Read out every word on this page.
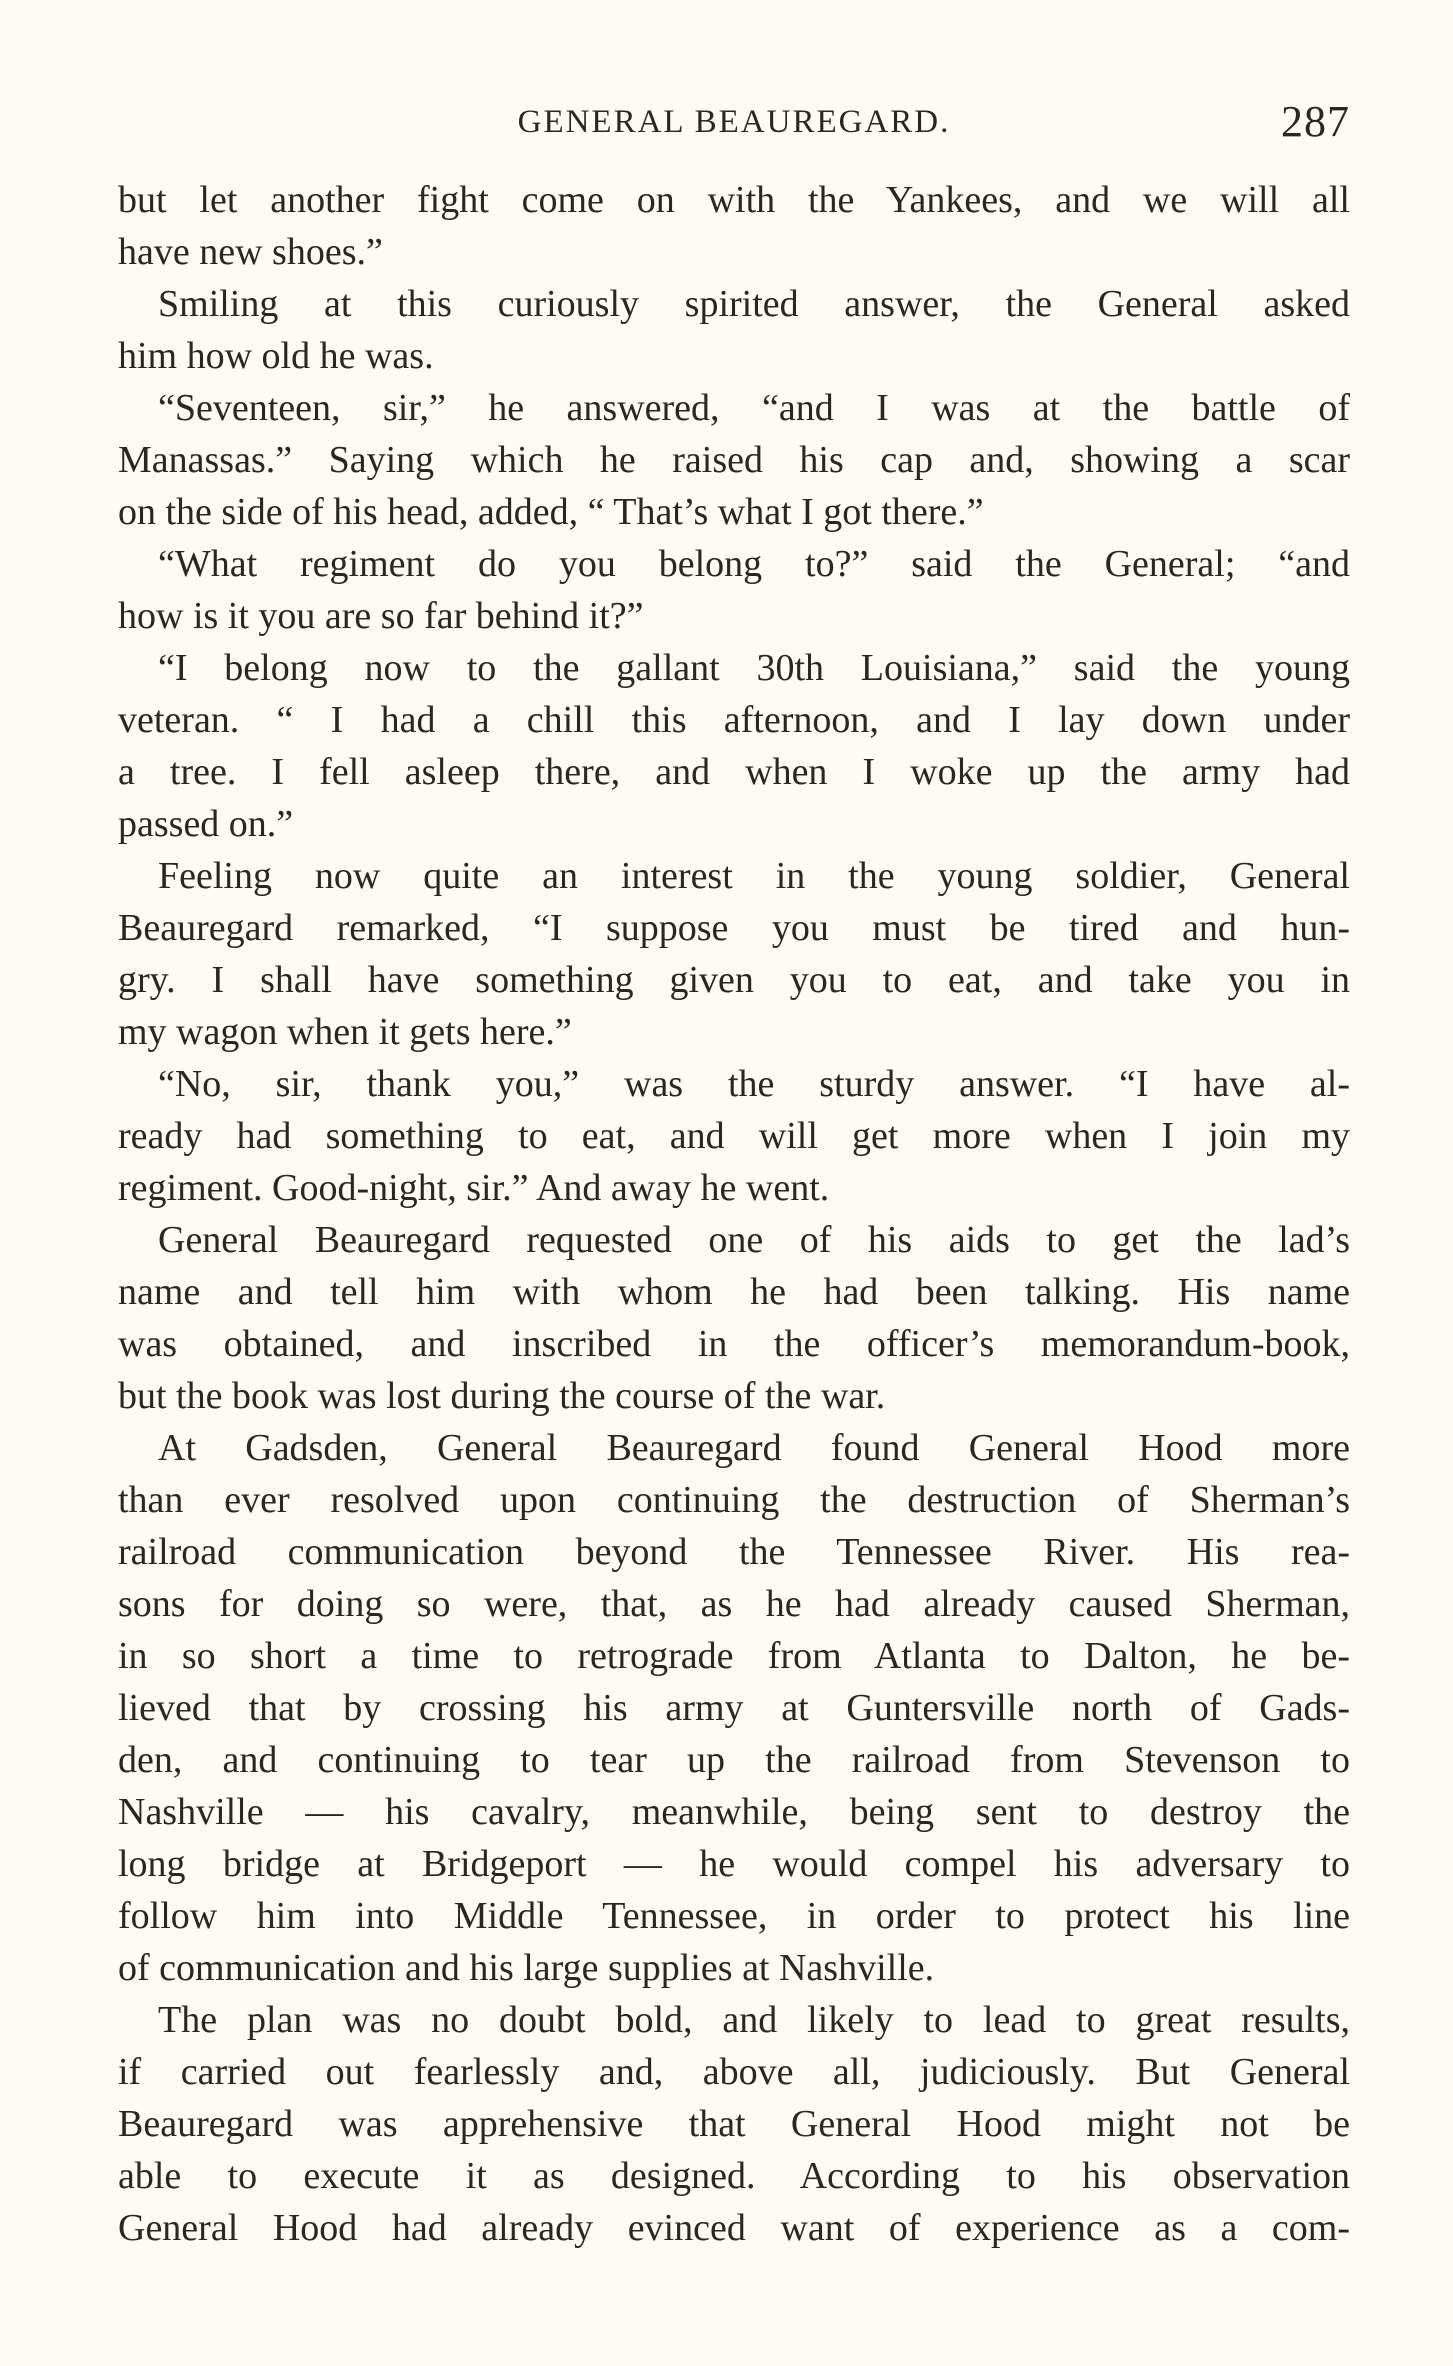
GENERAL BEAUREGARD.	287
but let another fight come on with the Yankees, and we will all
have new shoes.”
Smiling at this curiously spirited answer, the General asked
him how old he was.
“Seventeen, sir,” he answered, “and I was at the battle of
Manassas.” Saying which he raised his cap and, showing a scar
on the side of his head, added, “ That’s what I got there.”
“What regiment do you belong to?” said the General; “and
how is it you are so far behind it?”
“I belong now to the gallant 30th Louisiana,” said the young
veteran. “ I had a chill this afternoon, and I lay down under
a tree. I fell asleep there, and when I woke up the army had
passed on.”
Feeling now quite an interest in the young soldier, General
Beauregard remarked, “I suppose you must be tired and hun-
gry. I shall have something given you to eat, and take you in
my wagon when it gets here.”
“No, sir, thank you,” was the sturdy answer. “I have al-
ready had something to eat, and will get more when I join my
regiment. Good-night, sir.” And away he went.
General Beauregard requested one of his aids to get the lad’s
name and tell him with whom he had been talking. His name
was obtained, and inscribed in the officer’s memorandum-book,
but the book was lost during the course of the war.
At Gadsden, General Beauregard found General Hood more
than ever resolved upon continuing the destruction of Sherman’s
railroad communication beyond the Tennessee River. His rea-
sons for doing so were, that, as he had already caused Sherman,
in so short a time to retrograde from Atlanta to Dalton, he be-
lieved that by crossing his army at Guntersville north of Gads-
den, and continuing to tear up the railroad from Stevenson to
Nashville — his cavalry, meanwhile, being sent to destroy the
long bridge at Bridgeport — he would compel his adversary to
follow him into Middle Tennessee, in order to protect his line
of communication and his large supplies at Nashville.
The plan was no doubt bold, and likely to lead to great results,
if carried out fearlessly and, above all, judiciously. But General
Beauregard was apprehensive that General Hood might not be
able to execute it as designed. According to his observation
General Hood had already evinced want of experience as a com-
